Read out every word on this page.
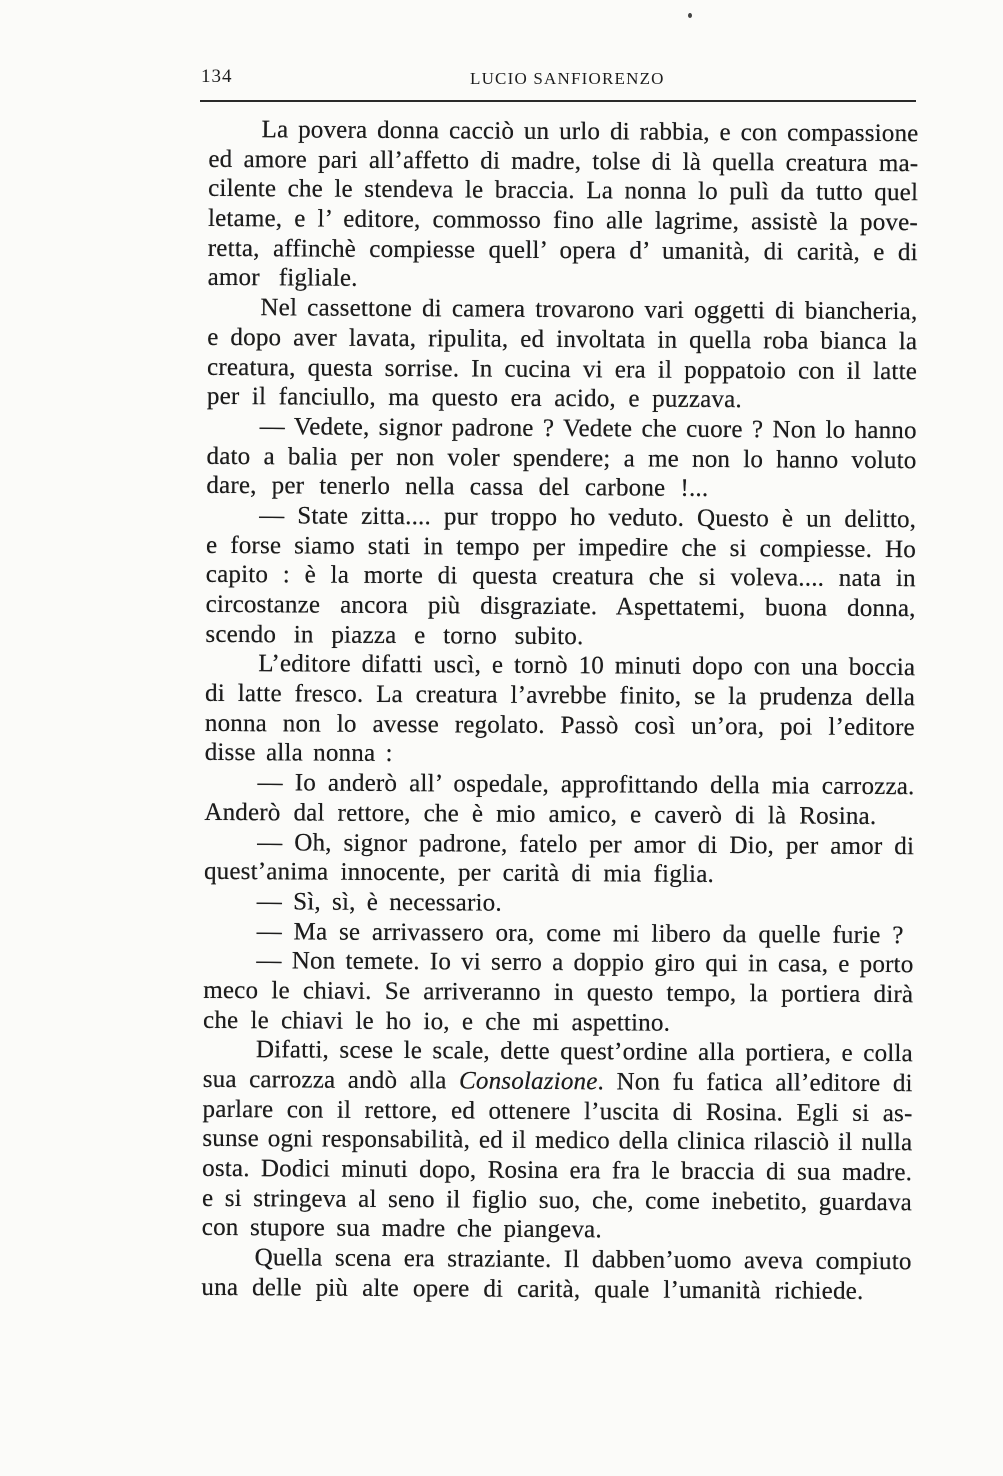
134	LUCIO SANFIORENZO
La povera donna cacciò un urlo di rabbia, e con compassione
ed amore pari all’affetto di madre, tolse di là quella creatura ma-
cilente che le stendeva le braccia. La nonna lo pulì da tutto quel
letame, e l’ editore, commosso fino alle lagrime, assistè la pove-
retta, affinchè compiesse quell’ opera d’ umanità, di carità, e di
amor figliale.
Nel cassettone di camera trovarono vari oggetti di biancheria,
e dopo aver lavata, ripulita, ed involtata in quella roba bianca la
creatura, questa sorrise. In cucina vi era il poppatoio con il latte
per il fanciullo, ma questo era acido, e puzzava.
— Vedete, signor padrone ? Vedete che cuore ? Non lo hanno
dato a balia per non voler spendere; a me non lo hanno voluto
dare, per tenerlo nella cassa del carbone !...
— State zitta.... pur troppo ho veduto. Questo è un delitto,
e forse siamo stati in tempo per impedire che si compiesse. Ho
capito : è la morte di questa creatura che si voleva.... nata in
circostanze ancora più disgraziate. Aspettatemi, buona donna,
scendo in piazza e torno subito.
L’editore difatti uscì, e tornò 10 minuti dopo con una boccia
di latte fresco. La creatura l’avrebbe finito, se la prudenza della
nonna non lo avesse regolato. Passò così un’ora, poi l’editore
disse alla nonna :
— Io anderò all’ ospedale, approfittando della mia carrozza.
Anderò dal rettore, che è mio amico, e caverò di là Rosina.
— Oh, signor padrone, fatelo per amor di Dio, per amor di
quest’anima innocente, per carità di mia figlia.
— Sì, sì, è necessario.
— Ma se arrivassero ora, come mi libero da quelle furie ?
— Non temete. Io vi serro a doppio giro qui in casa, e porto
meco le chiavi. Se arriveranno in questo tempo, la portiera dirà
che le chiavi le ho io, e che mi aspettino.
Difatti, scese le scale, dette quest’ordine alla portiera, e colla
sua carrozza andò alla Consolazione. Non fu fatica all’editore di
parlare con il rettore, ed ottenere l’uscita di Rosina. Egli si as-
sunse ogni responsabilità, ed il medico della clinica rilasciò il nulla
osta. Dodici minuti dopo, Rosina era fra le braccia di sua madre.
e si stringeva al seno il figlio suo, che, come inebetito, guardava
con stupore sua madre che piangeva.
Quella scena era straziante. Il dabben’uomo aveva compiuto
una delle più alte opere di carità, quale l’umanità richiede.
